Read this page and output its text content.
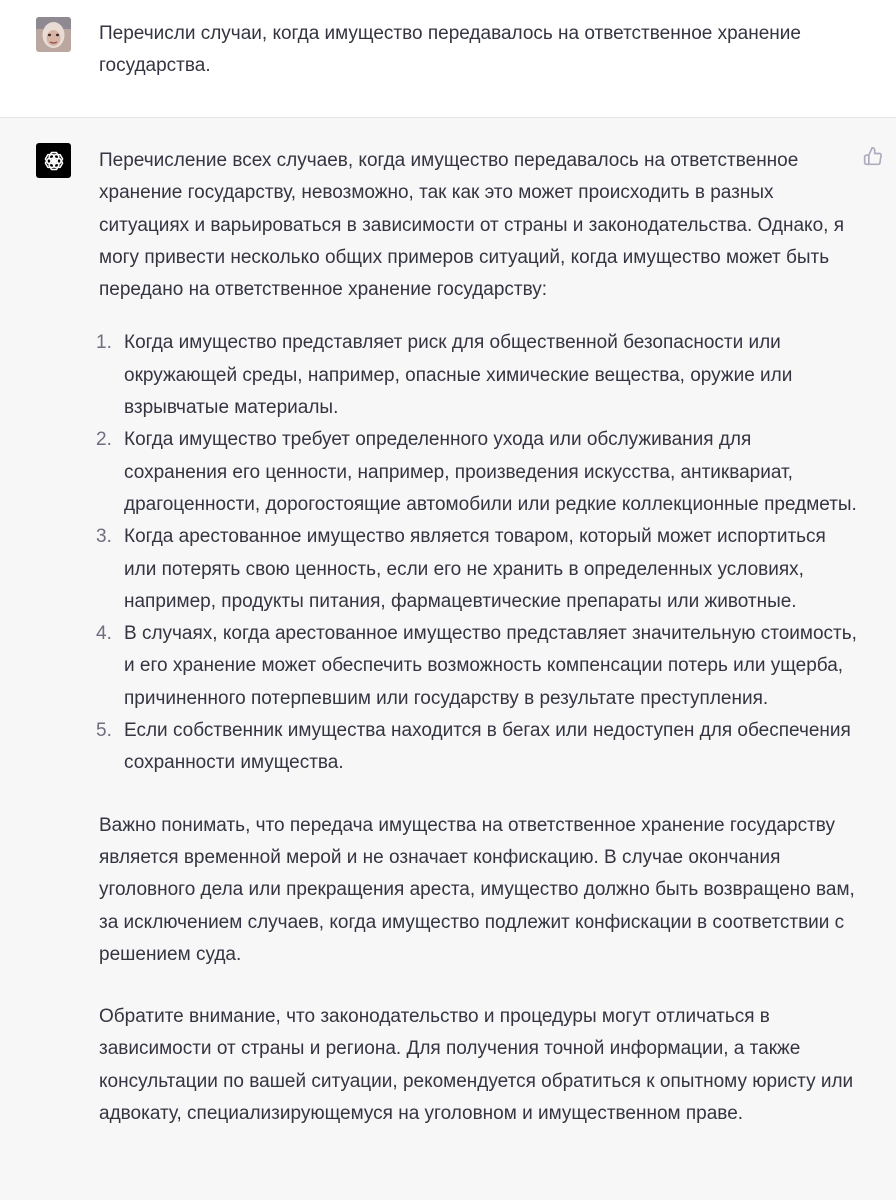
Перечисли случаи, когда имущество передавалось на ответственное хранение государства.

Перечисление всех случаев, когда имущество передавалось на ответственное хранение государству, невозможно, так как это может происходить в разных ситуациях и варьироваться в зависимости от страны и законодательства. Однако, я могу привести несколько общих примеров ситуаций, когда имущество может быть передано на ответственное хранение государству:

1. Когда имущество представляет риск для общественной безопасности или окружающей среды, например, опасные химические вещества, оружие или взрывчатые материалы.
2. Когда имущество требует определенного ухода или обслуживания для сохранения его ценности, например, произведения искусства, антиквариат, драгоценности, дорогостоящие автомобили или редкие коллекционные предметы.
3. Когда арестованное имущество является товаром, который может испортиться или потерять свою ценность, если его не хранить в определенных условиях, например, продукты питания, фармацевтические препараты или животные.
4. В случаях, когда арестованное имущество представляет значительную стоимость, и его хранение может обеспечить возможность компенсации потерь или ущерба, причиненного потерпевшим или государству в результате преступления.
5. Если собственник имущества находится в бегах или недоступен для обеспечения сохранности имущества.

Важно понимать, что передача имущества на ответственное хранение государству является временной мерой и не означает конфискацию. В случае окончания уголовного дела или прекращения ареста, имущество должно быть возвращено вам, за исключением случаев, когда имущество подлежит конфискации в соответствии с решением суда.

Обратите внимание, что законодательство и процедуры могут отличаться в зависимости от страны и региона. Для получения точной информации, а также консультации по вашей ситуации, рекомендуется обратиться к опытному юристу или адвокату, специализирующемуся на уголовном и имущественном праве.
